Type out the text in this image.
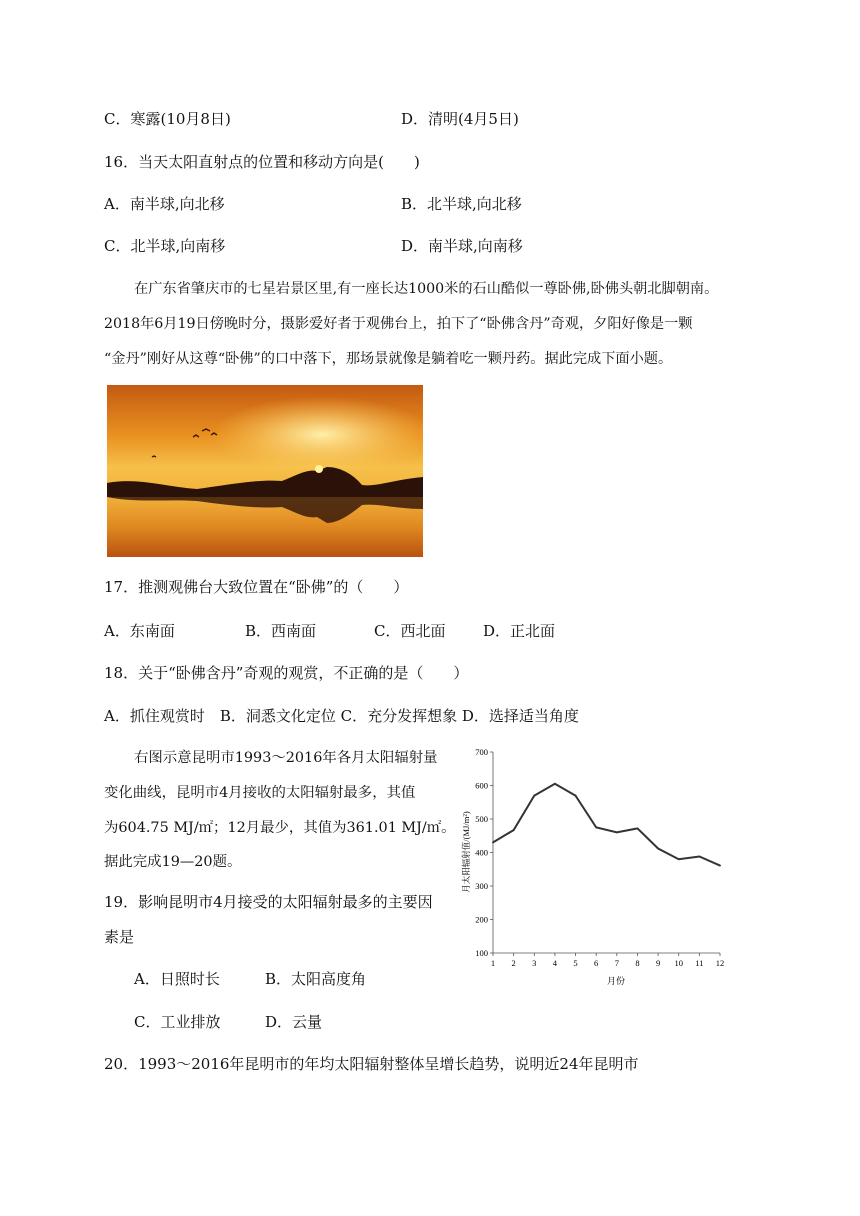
C．寒露(10月8日)	D．清明(4月5日)
16．当天太阳直射点的位置和移动方向是(　　)
A．南半球,向北移	B．北半球,向北移
C．北半球,向南移	D．南半球,向南移
在广东省肇庆市的七星岩景区里,有一座长达1000米的石山酷似一尊卧佛,卧佛头朝北脚朝南。
2018年6月19日傍晚时分，摄影爱好者于观佛台上，拍下了“卧佛含丹”奇观，夕阳好像是一颗
“金丹”刚好从这尊“卧佛”的口中落下，那场景就像是躺着吃一颗丹药。据此完成下面小题。
17．推测观佛台大致位置在“卧佛”的（　　）
A．东南面	B．西南面	C．西北面	D．正北面
18．关于“卧佛含丹”奇观的观赏，不正确的是（　　）
A．抓住观赏时　B．洞悉文化定位 C．充分发挥想象 D．选择适当角度
右图示意昆明市1993～2016年各月太阳辐射量
变化曲线，昆明市4月接收的太阳辐射最多，其值
为604.75 MJ/㎡；12月最少，其值为361.01 MJ/㎡。
据此完成19—20题。
19．影响昆明市4月接受的太阳辐射最多的主要因
素是
A．日照时长	B．太阳高度角
C．工业排放	D．云量
20．1993～2016年昆明市的年均太阳辐射整体呈增长趋势，说明近24年昆明市
100
200
300
400
500
600
700
1 2 3 4 5 6 7 8 9 10 11 12
月份
月太阳辐射值/(MJ/m²)
